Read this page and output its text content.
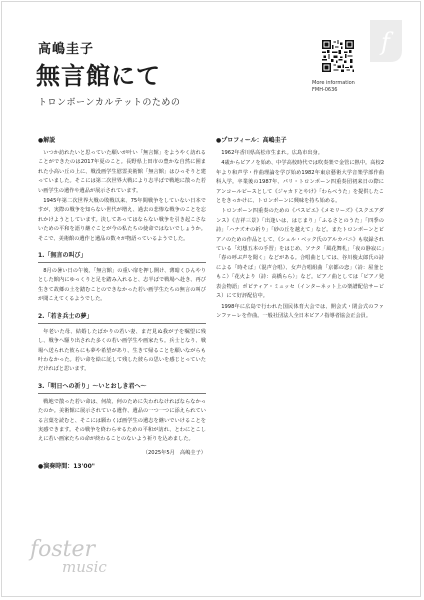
f
More information
FMH-0636
高嶋圭子
無言館にて
トロンボーンカルテットのための
●解説
いつか訪れたいと思っていた願いが叶い「無言館」をようやく訪れることができたのは2017年夏のこと。長野県上田市の豊かな自然に囲まれた小高い丘の上に、戦没画学生慰霊美術館「無言館」はひっそりと建っていました。そこには第二次世界大戦により志半ばで戦地に散った若い画学生の遺作や遺品が展示されています。
1945年第二次世界大戦の敗戦以来、75年間戦争をしていない日本ですが、実際の戦争を知らない世代が増え、過去の悲惨な戦争のことを忘れかけようとしています。決してあってはならない戦争を引き起こさないための平和を語り継ぐことが今の私たちの使命ではないでしょうか。そこで、美術館の遺作と遺品の数々が物語っているようでした。
1.「無言の叫び」
8月の暑い日の午後、「無言館」の重い扉を押し開け、薄暗くひんやりとした館内にゆっくりと足を踏み入れると、志半ばで戦場へ赴き、再び生きて故郷の土を踏むことのできなかった若い画学生たちの無言の叫びが聞こえてくるようでした。
2.「若き兵士の夢」
年老いた母、結婚したばかりの若い妻、まだ見ぬ我が子を嘱望に残し、戦争へ駆り出された多くの若い画学生や画家たち。兵士となり、戦場へ送られた彼らにも夢や希望があり、生きて帰ることを願いながらも叶わなかった。若い命を絵に託して残した彼らの思いを感じとっていただければと思います。
3.「明日への祈り」〜いとおしき君へ〜
戦地で散った若い命は、何故、何のために失われなければならなかったのか。美術館に展示されている遺作、遺品の一つ一つに添えられている言葉を読むと、そこには願わくば画学生の遺志を継いでいけることを実感できます。その戦争を終わらせるための平和が訪れ、とわにとこしえに若い画家たちの命が終わることのないよう祈りを込めました。
（2025年5月　高嶋圭子）
●演奏時間：13'00"
●プロフィール：高嶋圭子
1962年香川県高松市生まれ。広島市出身。
4歳からピアノを始め、中学高校時代では吹奏楽で金管に熱中。高校2年より和声学・作曲理論を学び始め1982年東京藝術大学音楽学部作曲科入学。卒業後の1987年、パリ・トロンボーン四重奏団初来日の際にアンコールピースとして《ジャカドとやけ》「わらべうた」を提供したことをきっかけに、トロンボーンに興味を持ち始める。
トロンボーン四重奏のための《パスピエ》《メモリーズ》《スクエアダンス》《吉祥三景》「出逢いは、はじまり」「ふるさとのうた」「四季の詩」「ハナズオの祈り」「砂の丘を越えて」など。またトロンボーンとピアノのための作品として、《シェル・ベック氏のアルカバニ》も収録されている「幻想五本の手習」をはじめ、ソナタ「風花舞札」「夜の静寂に」「春の呼ぶ声を聞く」などがある。合唱曲としては、谷川俊太郎氏の詩による「時そば」（混声合唱）、女声合唱組曲「京都の恋」（詩：屋釜ともこ）「花火より（詩：高橋らら）」など。ピアノ曲としては「ピアノ発表会物語」ポピティア・ミュッセ（インターネット上の楽譜配信サービス）にて好評配信中。
1998年に広島で行われた国民体育大会では、開会式・閉会式のファンファーレを作曲。一般社団法人全日本ピアノ指導者協会正会員。
foster
music
